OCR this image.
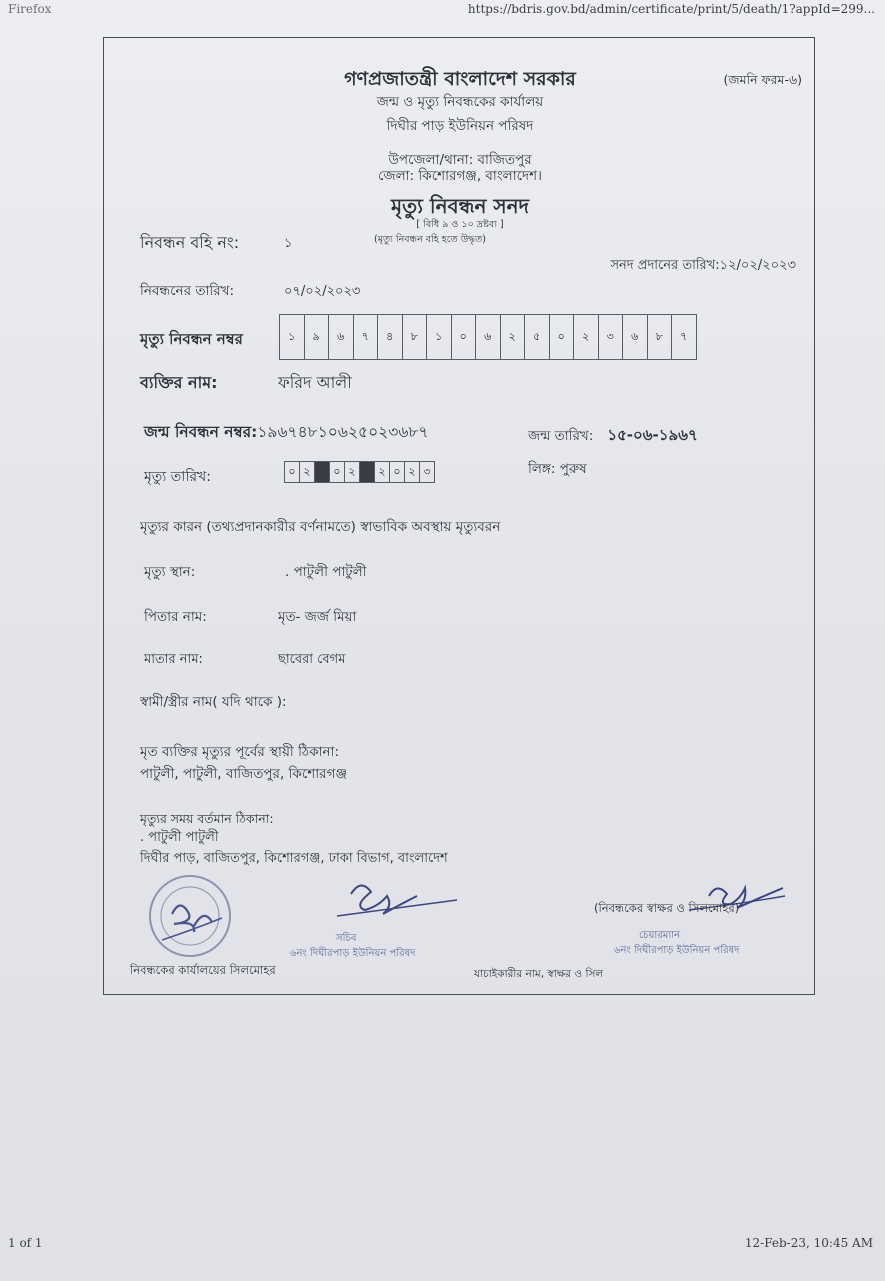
Firefox	https://bdris.gov.bd/admin/certificate/print/5/death/1?appId=299...
গণপ্রজাতন্ত্রী বাংলাদেশ সরকার	(জমনি ফরম-৬)
জন্ম ও মৃত্যু নিবন্ধকের কার্যালয়
দিঘীর পাড় ইউনিয়ন পরিষদ
উপজেলা/থানা: বাজিতপুর
জেলা: কিশোরগঞ্জ, বাংলাদেশ।
মৃত্যু নিবন্ধন সনদ
[ বিধি ৯ ও ১০ দ্রষ্টব্য ]
(মৃত্যু নিবন্ধন বহি হতে উদ্ধৃত)
নিবন্ধন বহি নং:	১
সনদ প্রদানের তারিখ:১২/০২/২০২৩
নিবন্ধনের তারিখ:	০৭/০২/২০২৩
মৃত্যু নিবন্ধন নম্বর	১	৯	৬	৭	৪	৮	১	০	৬	২	৫	০	২	৩	৬	৮	৭
ব্যক্তির নাম:	ফরিদ আলী
জন্ম নিবন্ধন নম্বর:১৯৬৭৪৮১০৬২৫০২৩৬৮৭	জন্ম তারিখ: ১৫-০৬-১৯৬৭
মৃত্যু তারিখ:	০ ২	০ ২	২ ০ ২ ৩	লিঙ্গ: পুরুষ
মৃত্যুর কারন (তথ্যপ্রদানকারীর বর্ণনামতে) স্বাভাবিক অবস্থায় মৃত্যুবরন
মৃত্যু স্থান:	. পাটুলী পাটুলী
পিতার নাম:	মৃত- জর্জ মিয়া
মাতার নাম:	ছাবেরা বেগম
স্বামী/স্ত্রীর নাম( যদি থাকে ):
মৃত ব্যক্তির মৃত্যুর পূর্বের স্থায়ী ঠিকানা:
পাটুলী, পাটুলী, বাজিতপুর, কিশোরগঞ্জ
মৃত্যুর সময় বর্তমান ঠিকানা:
. পাটুলী পাটুলী
দিঘীর পাড়, বাজিতপুর, কিশোরগঞ্জ, ঢাকা বিভাগ, বাংলাদেশ
সচিব
৬নং দিঘীরপাড় ইউনিয়ন পরিষদ
চেয়ারম্যান
৬নং দিঘীরপাড় ইউনিয়ন পরিষদ
নিবন্ধকের কার্যালয়ের সিলমোহর	যাচাইকারীর নাম, স্বাক্ষর ও সিল
(নিবন্ধকের স্বাক্ষর ও সিলমোহর)
1 of 1	12-Feb-23, 10:45 AM
